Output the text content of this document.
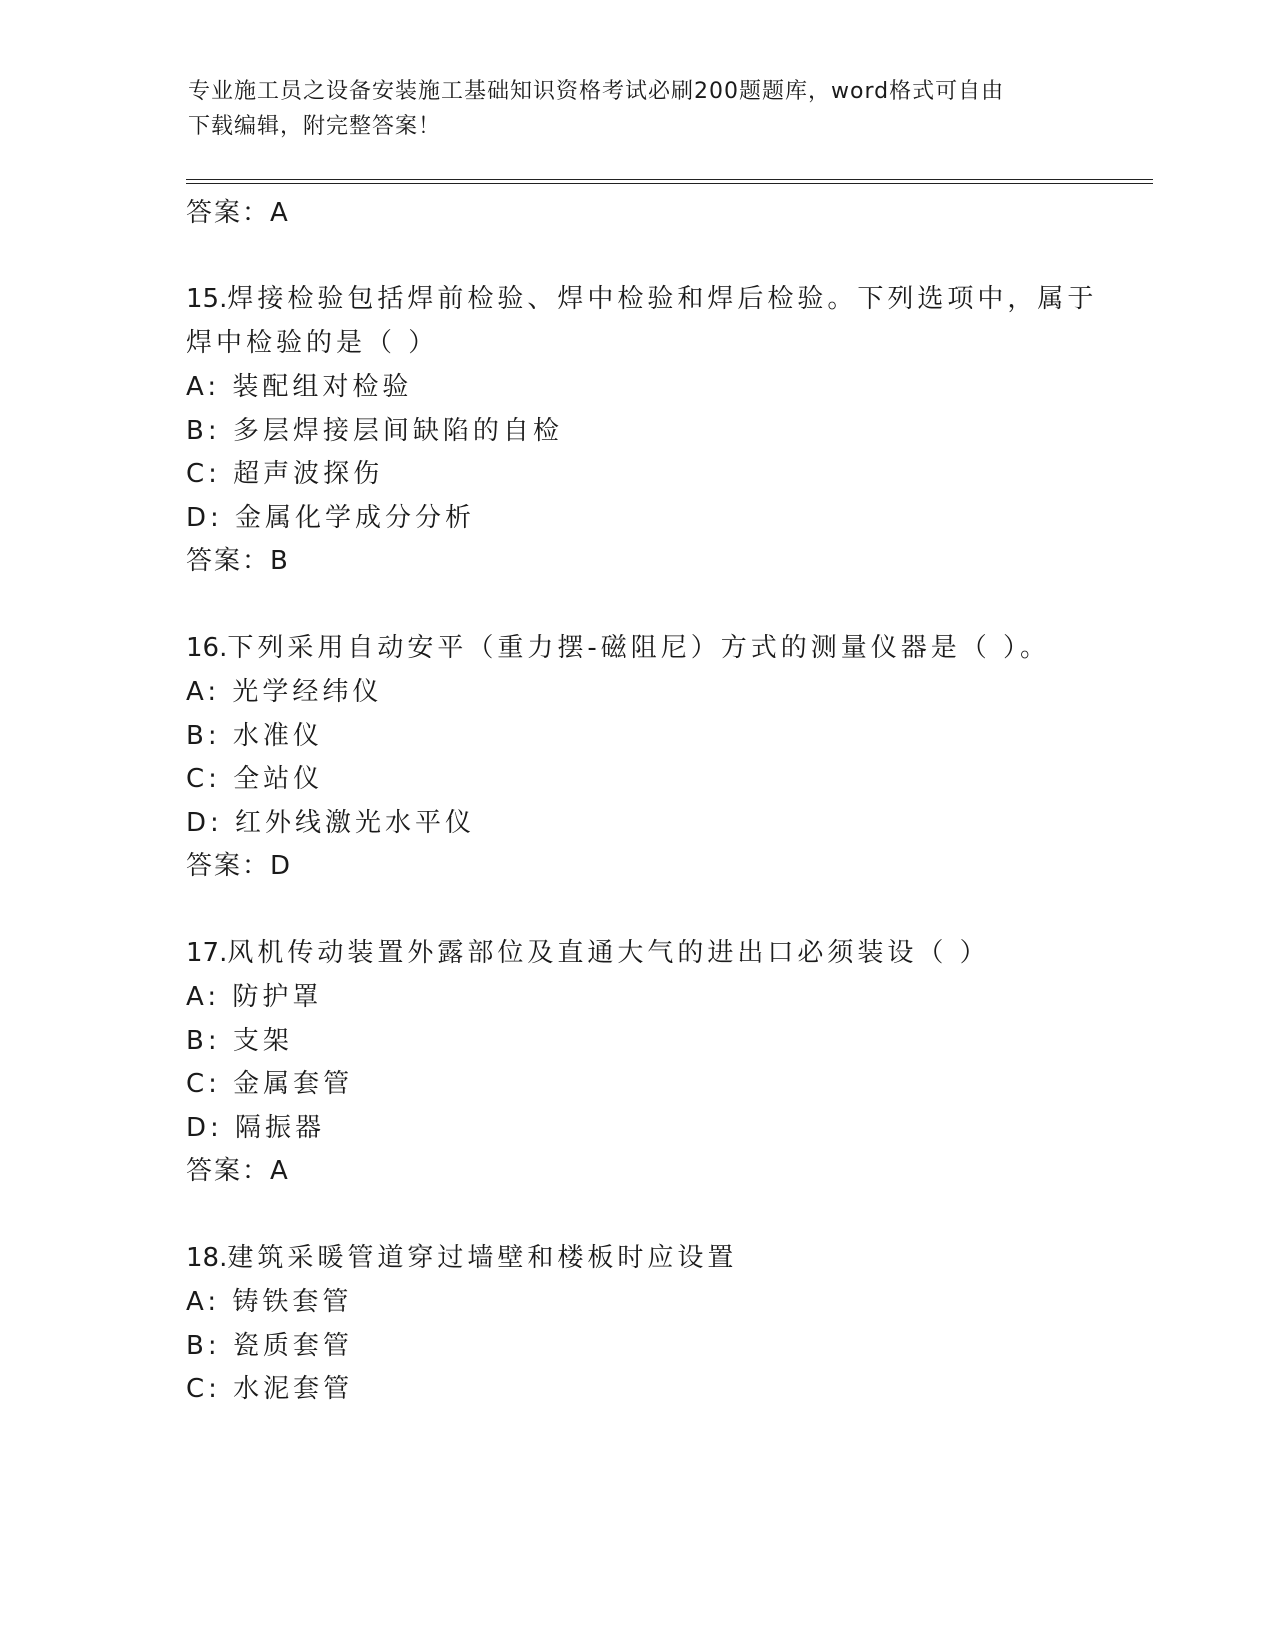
专业施工员之设备安装施工基础知识资格考试必刷200题题库，word格式可自由
下载编辑，附完整答案！
答案：A
15.焊接检验包括焊前检验、焊中检验和焊后检验。下列选项中，属于
焊中检验的是（ ）
A: 装配组对检验
B: 多层焊接层间缺陷的自检
C: 超声波探伤
D: 金属化学成分分析
答案：B
16.下列采用自动安平（重力摆-磁阻尼）方式的测量仪器是（ ）。
A: 光学经纬仪
B: 水准仪
C: 全站仪
D: 红外线激光水平仪
答案：D
17.风机传动装置外露部位及直通大气的进出口必须装设（ ）
A: 防护罩
B: 支架
C: 金属套管
D: 隔振器
答案：A
18.建筑采暖管道穿过墙壁和楼板时应设置
A: 铸铁套管
B: 瓷质套管
C: 水泥套管
